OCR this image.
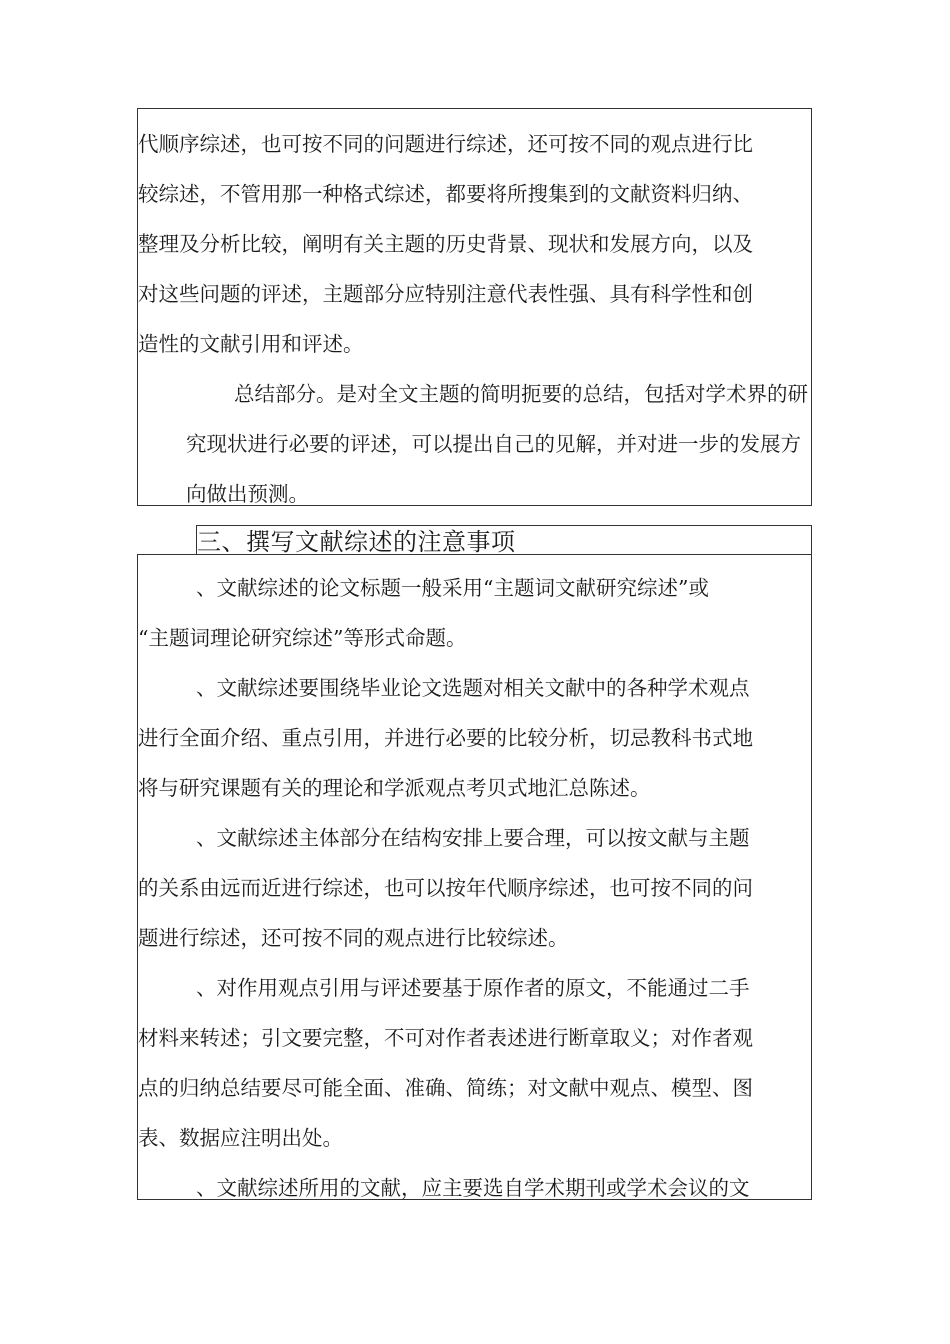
代顺序综述，也可按不同的问题进行综述，还可按不同的观点进行比
较综述，不管用那一种格式综述，都要将所搜集到的文献资料归纳、
整理及分析比较，阐明有关主题的历史背景、现状和发展方向，以及
对这些问题的评述，主题部分应特别注意代表性强、具有科学性和创
造性的文献引用和评述。
总结部分。是对全文主题的简明扼要的总结，包括对学术界的研
究现状进行必要的评述，可以提出自己的见解，并对进一步的发展方
向做出预测。
三、撰写文献综述的注意事项
、文献综述的论文标题一般采用“主题词文献研究综述”或
“主题词理论研究综述”等形式命题。
、文献综述要围绕毕业论文选题对相关文献中的各种学术观点
进行全面介绍、重点引用，并进行必要的比较分析，切忌教科书式地
将与研究课题有关的理论和学派观点考贝式地汇总陈述。
、文献综述主体部分在结构安排上要合理，可以按文献与主题
的关系由远而近进行综述，也可以按年代顺序综述，也可按不同的问
题进行综述，还可按不同的观点进行比较综述。
、对作用观点引用与评述要基于原作者的原文，不能通过二手
材料来转述；引文要完整，不可对作者表述进行断章取义；对作者观
点的归纳总结要尽可能全面、准确、简练；对文献中观点、模型、图
表、数据应注明出处。
、文献综述所用的文献，应主要选自学术期刊或学术会议的文
